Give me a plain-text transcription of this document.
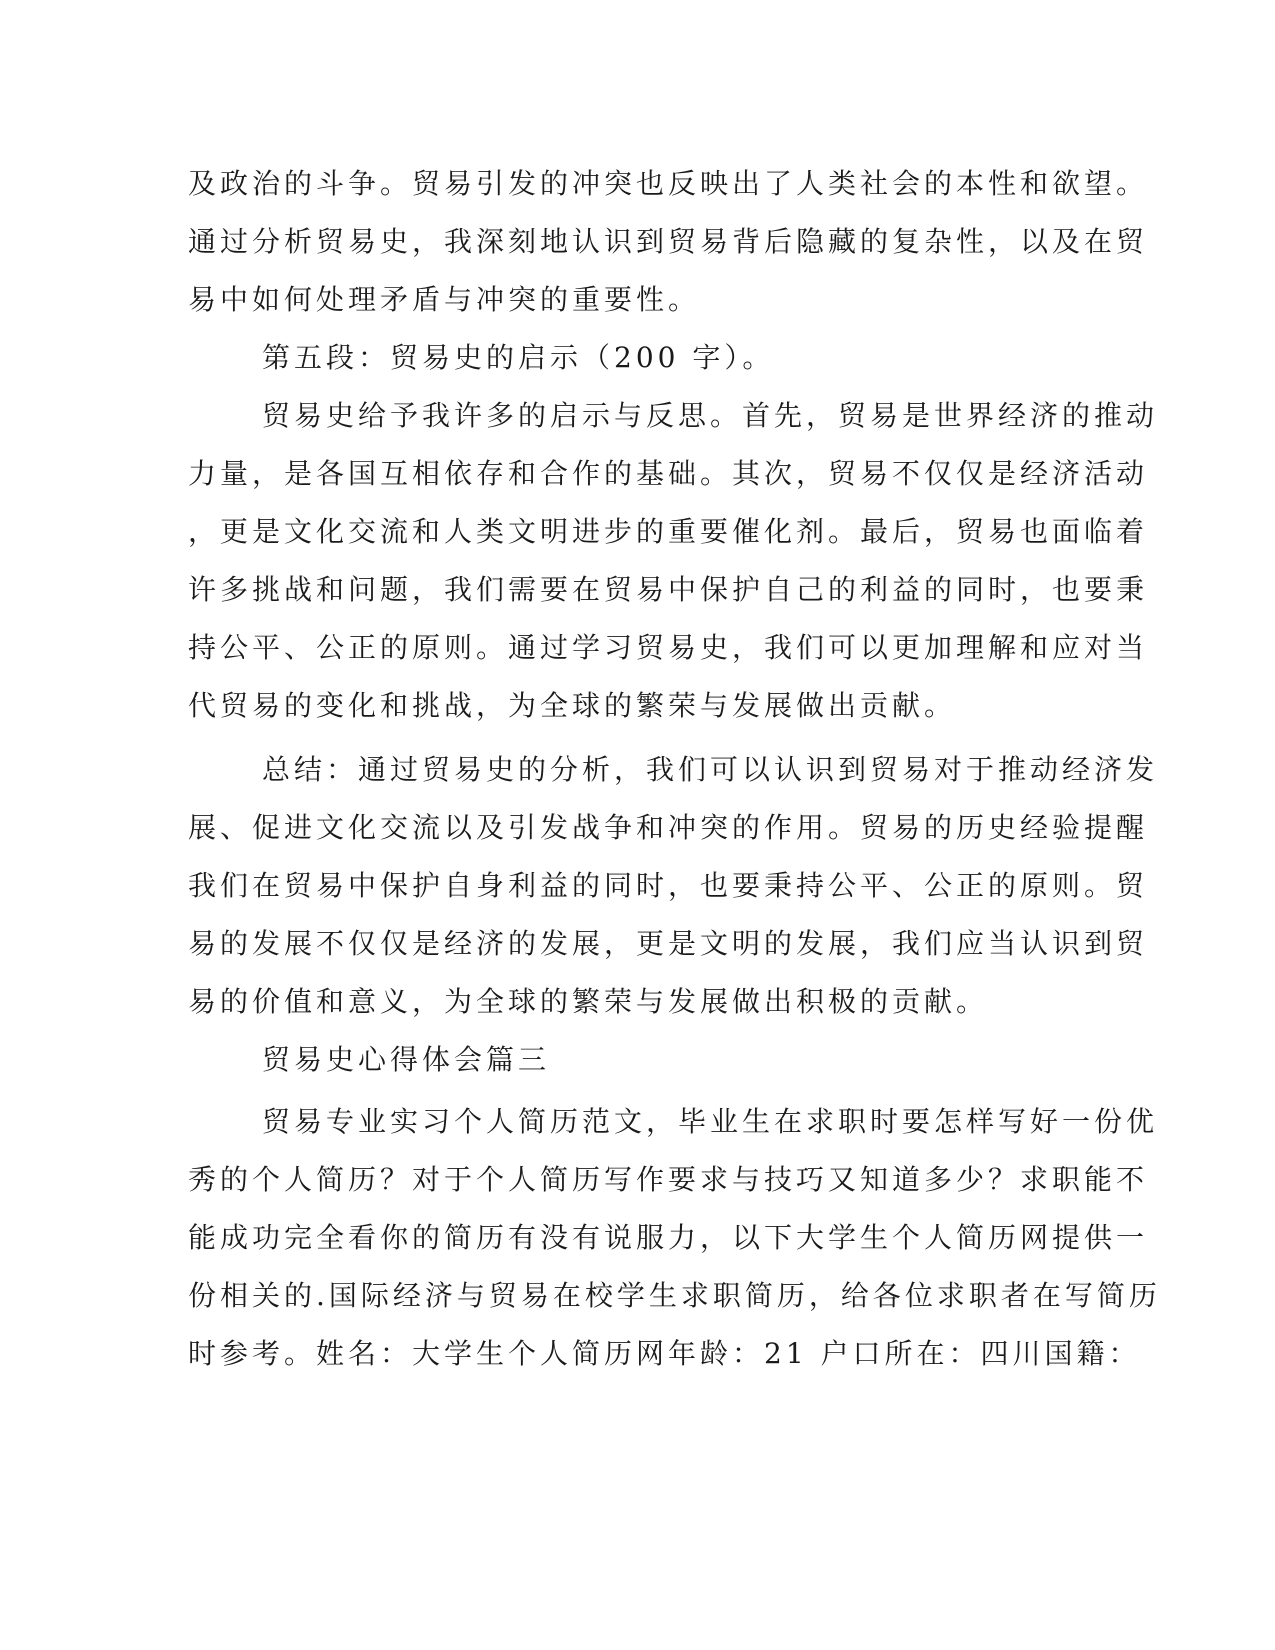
及政治的斗争。贸易引发的冲突也反映出了人类社会的本性和欲望。
通过分析贸易史，我深刻地认识到贸易背后隐藏的复杂性，以及在贸
易中如何处理矛盾与冲突的重要性。
第五段：贸易史的启示（200 字）。
贸易史给予我许多的启示与反思。首先，贸易是世界经济的推动
力量，是各国互相依存和合作的基础。其次，贸易不仅仅是经济活动
，更是文化交流和人类文明进步的重要催化剂。最后，贸易也面临着
许多挑战和问题，我们需要在贸易中保护自己的利益的同时，也要秉
持公平、公正的原则。通过学习贸易史，我们可以更加理解和应对当
代贸易的变化和挑战，为全球的繁荣与发展做出贡献。
总结：通过贸易史的分析，我们可以认识到贸易对于推动经济发
展、促进文化交流以及引发战争和冲突的作用。贸易的历史经验提醒
我们在贸易中保护自身利益的同时，也要秉持公平、公正的原则。贸
易的发展不仅仅是经济的发展，更是文明的发展，我们应当认识到贸
易的价值和意义，为全球的繁荣与发展做出积极的贡献。
贸易史心得体会篇三
贸易专业实习个人简历范文，毕业生在求职时要怎样写好一份优
秀的个人简历？对于个人简历写作要求与技巧又知道多少？求职能不
能成功完全看你的简历有没有说服力，以下大学生个人简历网提供一
份相关的.国际经济与贸易在校学生求职简历，给各位求职者在写简历
时参考。姓名：大学生个人简历网年龄：21 户口所在：四川国籍：
